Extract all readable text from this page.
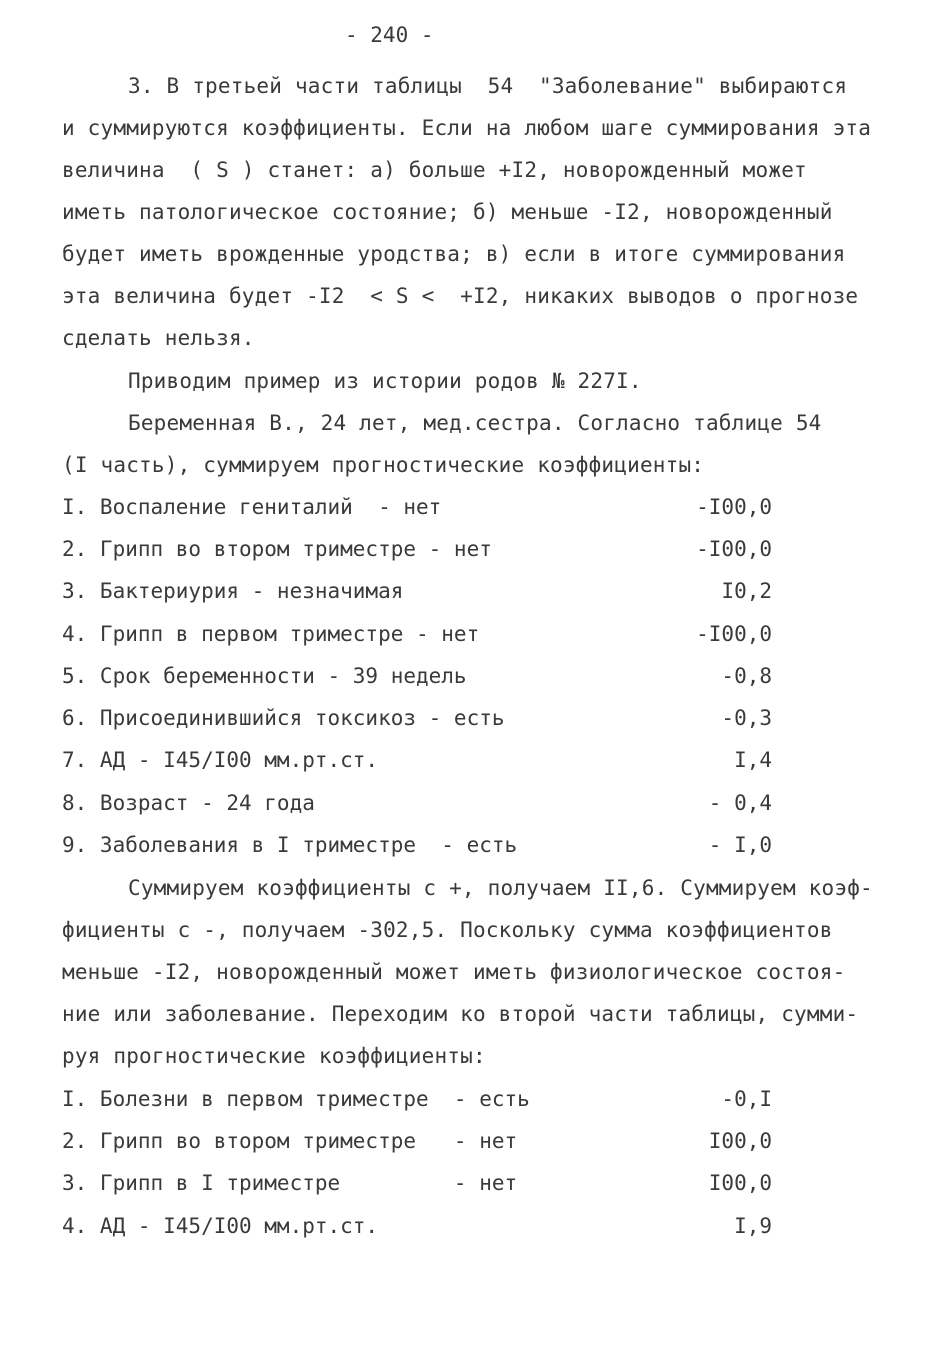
- 240 -
3. В третьей части таблицы  54  "Заболевание" выбираются
и суммируются коэффициенты. Если на любом шаге суммирования эта
величина  ( S ) станет: а) больше +I2, новорожденный может
иметь патологическое состояние; б) меньше -I2, новорожденный
будет иметь врожденные уродства; в) если в итоге суммирования
эта величина будет -I2  < S <  +I2, никаких выводов о прогнозе
сделать нельзя.
Приводим пример из истории родов № 227I.
Беременная В., 24 лет, мед.сестра. Согласно таблице 54
(I часть), суммируем прогностические коэффициенты:
I. Воспаление гениталий  - нет	-I00,0
2. Грипп во втором триместре - нет	-I00,0
3. Бактериурия - незначимая	I0,2
4. Грипп в первом триместре - нет	-I00,0
5. Срок беременности - 39 недель	-0,8
6. Присоединившийся токсикоз - есть	-0,3
7. АД - I45/I00 мм.рт.ст.	I,4
8. Возраст - 24 года	- 0,4
9. Заболевания в I триместре  - есть	- I,0
Суммируем коэффициенты с +, получаем II,6. Суммируем коэф-
фициенты с -, получаем -302,5. Поскольку сумма коэффициентов
меньше -I2, новорожденный может иметь физиологическое состоя-
ние или заболевание. Переходим ко второй части таблицы, сумми-
руя прогностические коэффициенты:
I. Болезни в первом триместре  - есть	-0,I
2. Грипп во втором триместре   - нет	I00,0
3. Грипп в I триместре         - нет	I00,0
4. АД - I45/I00 мм.рт.ст.	I,9
